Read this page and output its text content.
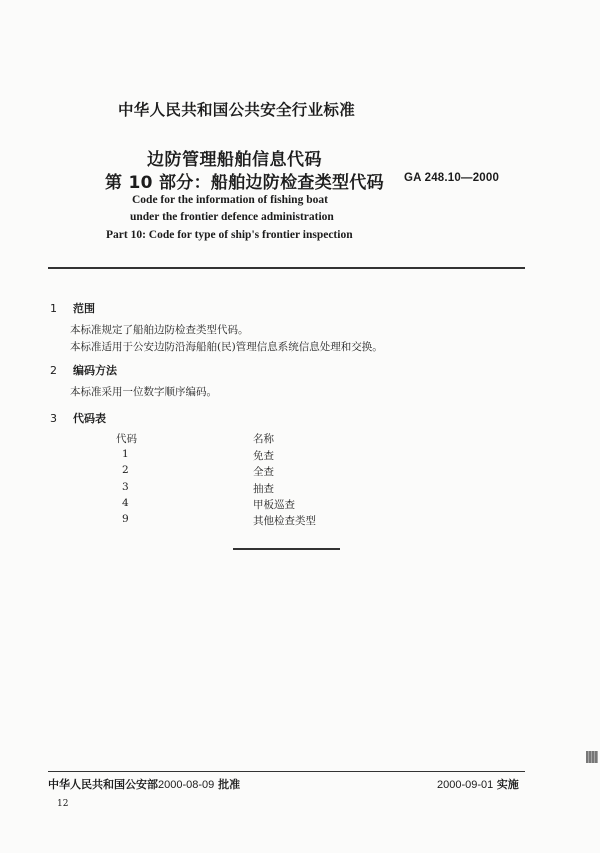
中华人民共和国公共安全行业标准
边防管理船舶信息代码
第 10 部分：船舶边防检查类型代码 GA 248.10—2000
Code for the information of fishing boat
under the frontier defence administration
Part 10: Code for type of ship's frontier inspection
1 范围
本标准规定了船舶边防检查类型代码。
本标准适用于公安边防沿海船舶(民)管理信息系统信息处理和交换。
2 编码方法
本标准采用一位数字顺序编码。
3 代码表
代码	名称
1	免查
2	全查
3	抽查
4	甲板巡查
9	其他检查类型
中华人民共和国公安部2000-08-09 批准	2000-09-01 实施
12
